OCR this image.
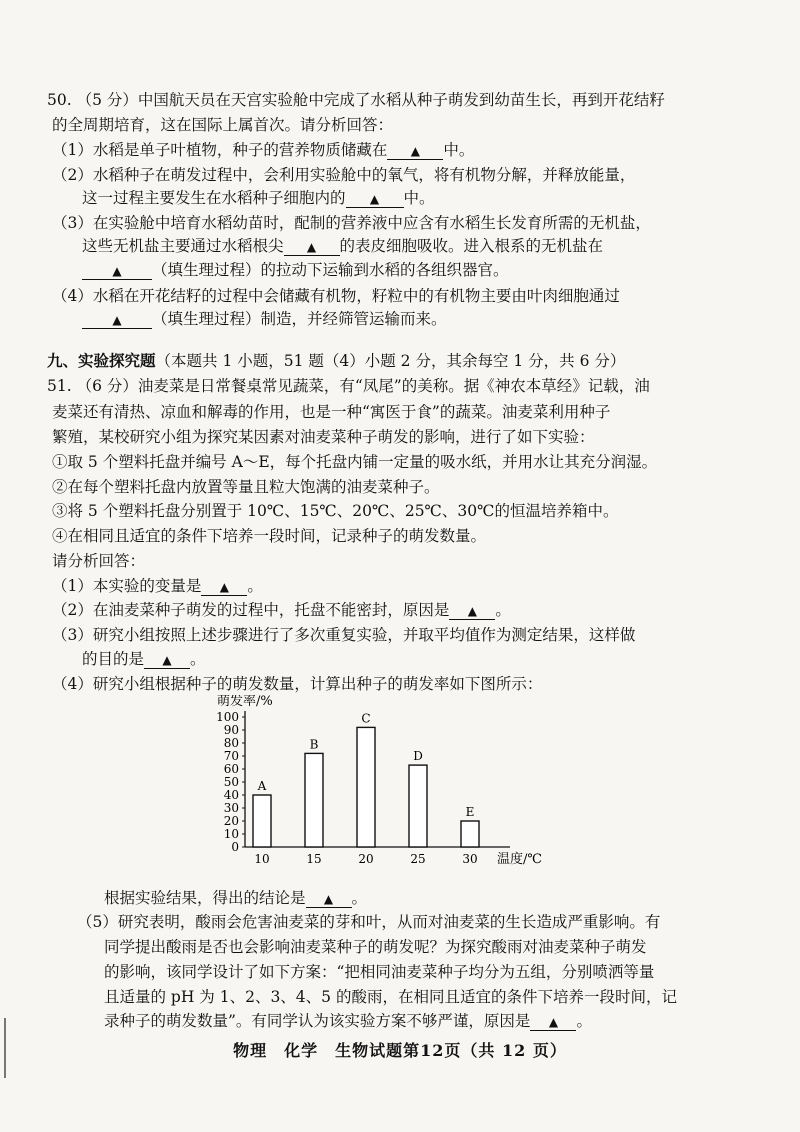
50. （5 分）中国航天员在天宫实验舱中完成了水稻从种子萌发到幼苗生长，再到开花结籽
的全周期培育，这在国际上属首次。请分析回答：
（1）水稻是单子叶植物，种子的营养物质储藏在 ▲ 中。
（2）水稻种子在萌发过程中，会利用实验舱中的氧气，将有机物分解，并释放能量，
这一过程主要发生在水稻种子细胞内的 ▲ 中。
（3）在实验舱中培育水稻幼苗时，配制的营养液中应含有水稻生长发育所需的无机盐，
这些无机盐主要通过水稻根尖 ▲ 的表皮细胞吸收。进入根系的无机盐在
▲ （填生理过程）的拉动下运输到水稻的各组织器官。
（4）水稻在开花结籽的过程中会储藏有机物，籽粒中的有机物主要由叶肉细胞通过
▲ （填生理过程）制造，并经筛管运输而来。
九、实验探究题（本题共 1 小题，51 题（4）小题 2 分，其余每空 1 分，共 6 分）
51. （6 分）油麦菜是日常餐桌常见蔬菜，有“凤尾”的美称。据《神农本草经》记载，油
麦菜还有清热、凉血和解毒的作用，也是一种“寓医于食”的蔬菜。油麦菜利用种子
繁殖，某校研究小组为探究某因素对油麦菜种子萌发的影响，进行了如下实验：
①取 5 个塑料托盘并编号 A～E，每个托盘内铺一定量的吸水纸，并用水让其充分润湿。
②在每个塑料托盘内放置等量且粒大饱满的油麦菜种子。
③将 5 个塑料托盘分别置于 10℃、15℃、20℃、25℃、30℃的恒温培养箱中。
④在相同且适宜的条件下培养一段时间，记录种子的萌发数量。
请分析回答：
（1）本实验的变量是 ▲ 。
（2）在油麦菜种子萌发的过程中，托盘不能密封，原因是 ▲ 。
（3）研究小组按照上述步骤进行了多次重复实验，并取平均值作为测定结果，这样做
的目的是 ▲ 。
（4）研究小组根据种子的萌发数量，计算出种子的萌发率如下图所示：
萌发率/%
0
10
20
30
40
50
60
70
80
90
100
A
10
B
15
C
20
D
25
E
30 温度/℃
根据实验结果，得出的结论是 ▲ 。
（5）研究表明，酸雨会危害油麦菜的芽和叶，从而对油麦菜的生长造成严重影响。有
同学提出酸雨是否也会影响油麦菜种子的萌发呢？为探究酸雨对油麦菜种子萌发
的影响，该同学设计了如下方案：“把相同油麦菜种子均分为五组，分别喷洒等量
且适量的 pH 为 1、2、3、4、5 的酸雨，在相同且适宜的条件下培养一段时间，记
录种子的萌发数量”。有同学认为该实验方案不够严谨，原因是 ▲ 。
物理　化学　生物试题第12页（共 12 页）
